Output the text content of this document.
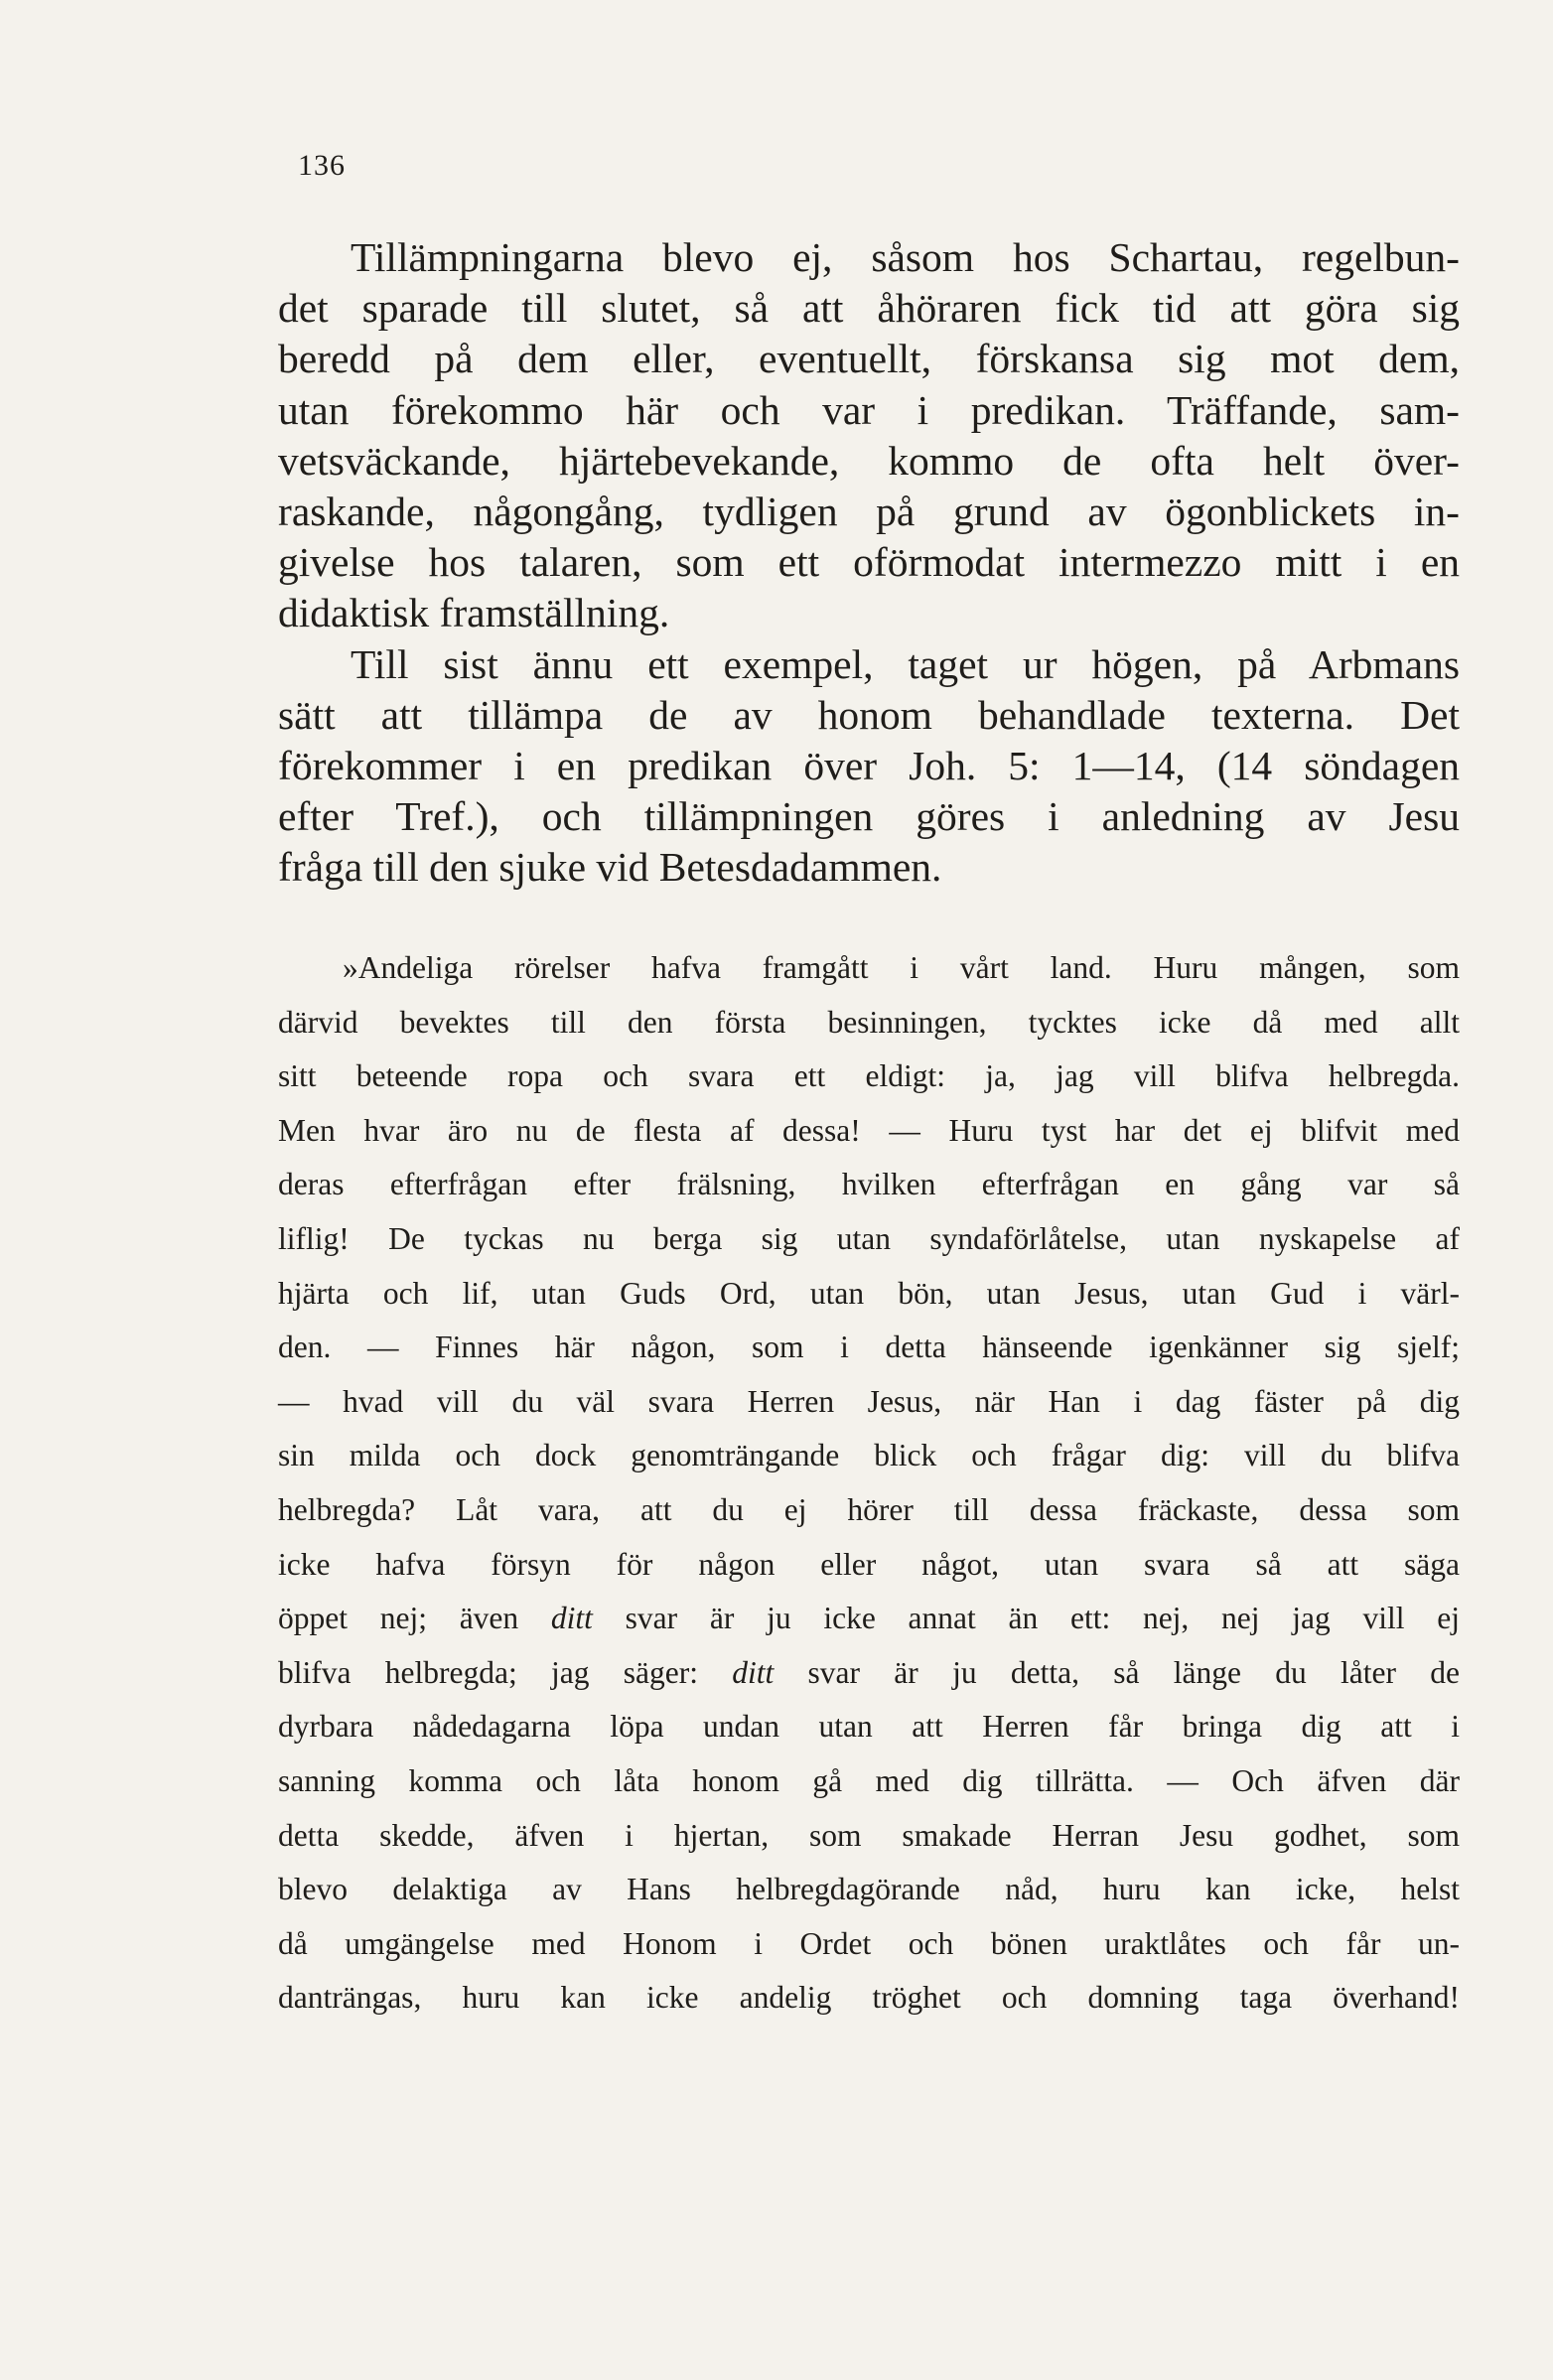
136

Tillämpningarna blevo ej, såsom hos Schartau, regelbun-
det sparade till slutet, så att åhöraren fick tid att göra sig
beredd på dem eller, eventuellt, förskansa sig mot dem,
utan förekommo här och var i predikan. Träffande, sam-
vetsväckande, hjärtebevekande, kommo de ofta helt över-
raskande, någongång, tydligen på grund av ögonblickets in-
givelse hos talaren, som ett oförmodat intermezzo mitt i en
didaktisk framställning.

Till sist ännu ett exempel, taget ur högen, på Arbmans
sätt att tillämpa de av honom behandlade texterna. Det
förekommer i en predikan över Joh. 5: 1—14, (14 söndagen
efter Tref.), och tillämpningen göres i anledning av Jesu
fråga till den sjuke vid Betesdadammen.

»Andeliga rörelser hafva framgått i vårt land. Huru mången, som
därvid bevektes till den första besinningen, tycktes icke då med allt
sitt beteende ropa och svara ett eldigt: ja, jag vill blifva helbregda.
Men hvar äro nu de flesta af dessa! — Huru tyst har det ej blifvit med
deras efterfrågan efter frälsning, hvilken efterfrågan en gång var så
liflig! De tyckas nu berga sig utan syndaförlåtelse, utan nyskapelse af
hjärta och lif, utan Guds Ord, utan bön, utan Jesus, utan Gud i värl-
den. — Finnes här någon, som i detta hänseende igenkänner sig sjelf;
— hvad vill du väl svara Herren Jesus, när Han i dag fäster på dig
sin milda och dock genomträngande blick och frågar dig: vill du blifva
helbregda? Låt vara, att du ej hörer till dessa fräckaste, dessa som
icke hafva försyn för någon eller något, utan svara så att säga
öppet nej; även ditt svar är ju icke annat än ett: nej, nej jag vill ej
blifva helbregda; jag säger: ditt svar är ju detta, så länge du låter de
dyrbara nådedagarna löpa undan utan att Herren får bringa dig att i
sanning komma och låta honom gå med dig tillrätta. — Och äfven där
detta skedde, äfven i hjertan, som smakade Herran Jesu godhet, som
blevo delaktiga av Hans helbregdagörande nåd, huru kan icke, helst
då umgängelse med Honom i Ordet och bönen uraktlåtes och får un-
danträngas, huru kan icke andelig tröghet och domning taga överhand!
